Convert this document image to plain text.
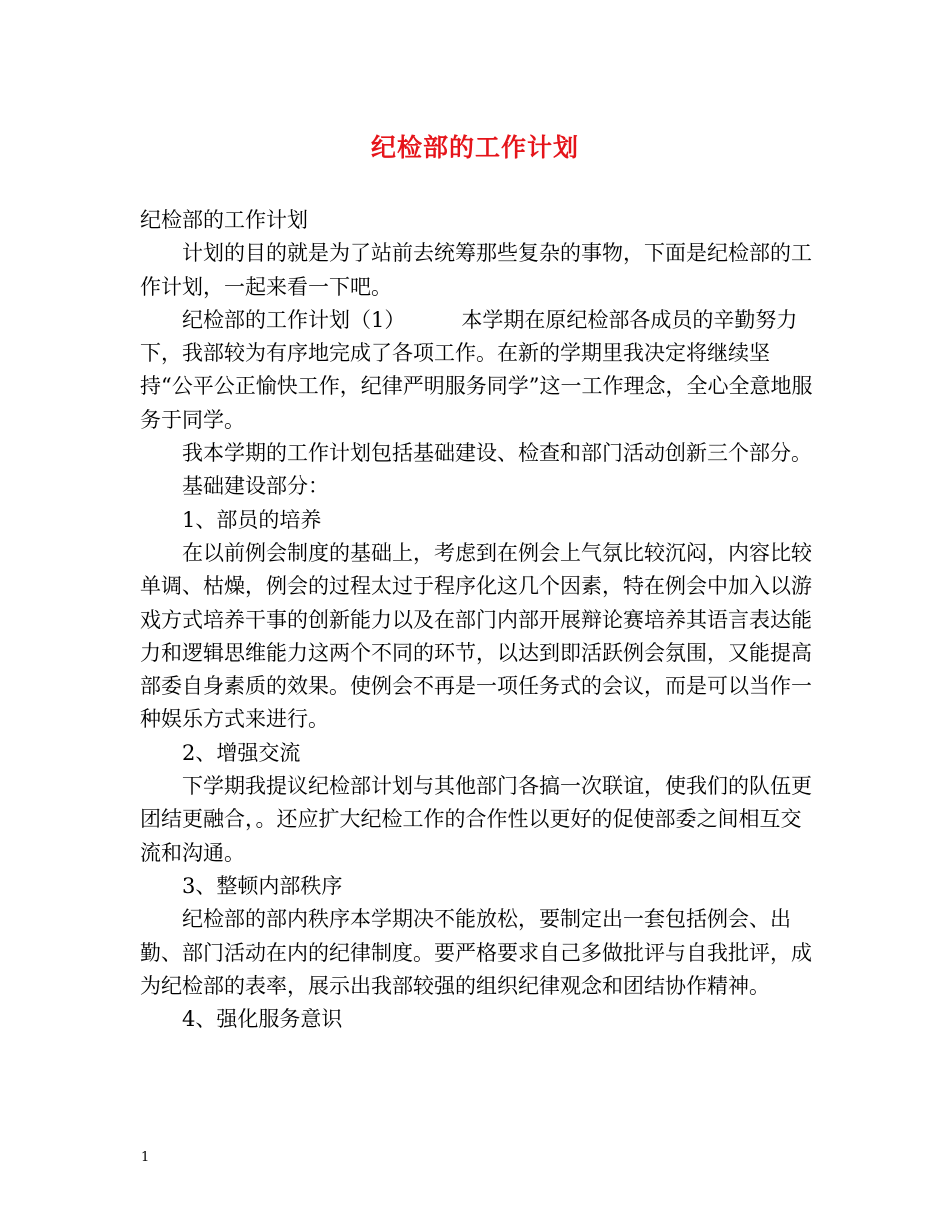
纪检部的工作计划

纪检部的工作计划

计划的目的就是为了站前去统筹那些复杂的事物，下面是纪检部的工作计划，一起来看一下吧。

纪检部的工作计划（1）	本学期在原纪检部各成员的辛勤努力下，我部较为有序地完成了各项工作。在新的学期里我决定将继续坚持“公平公正愉快工作，纪律严明服务同学”这一工作理念，全心全意地服务于同学。

我本学期的工作计划包括基础建设、检查和部门活动创新三个部分。

基础建设部分：

1、部员的培养

在以前例会制度的基础上，考虑到在例会上气氛比较沉闷，内容比较单调、枯燥，例会的过程太过于程序化这几个因素，特在例会中加入以游戏方式培养干事的创新能力以及在部门内部开展辩论赛培养其语言表达能力和逻辑思维能力这两个不同的环节，以达到即活跃例会氛围，又能提高部委自身素质的效果。使例会不再是一项任务式的会议，而是可以当作一种娱乐方式来进行。

2、增强交流

下学期我提议纪检部计划与其他部门各搞一次联谊，使我们的队伍更团结更融合，。还应扩大纪检工作的合作性以更好的促使部委之间相互交流和沟通。

3、整顿内部秩序

纪检部的部内秩序本学期决不能放松，要制定出一套包括例会、出勤、部门活动在内的纪律制度。要严格要求自己多做批评与自我批评，成为纪检部的表率，展示出我部较强的组织纪律观念和团结协作精神。

4、强化服务意识

1
